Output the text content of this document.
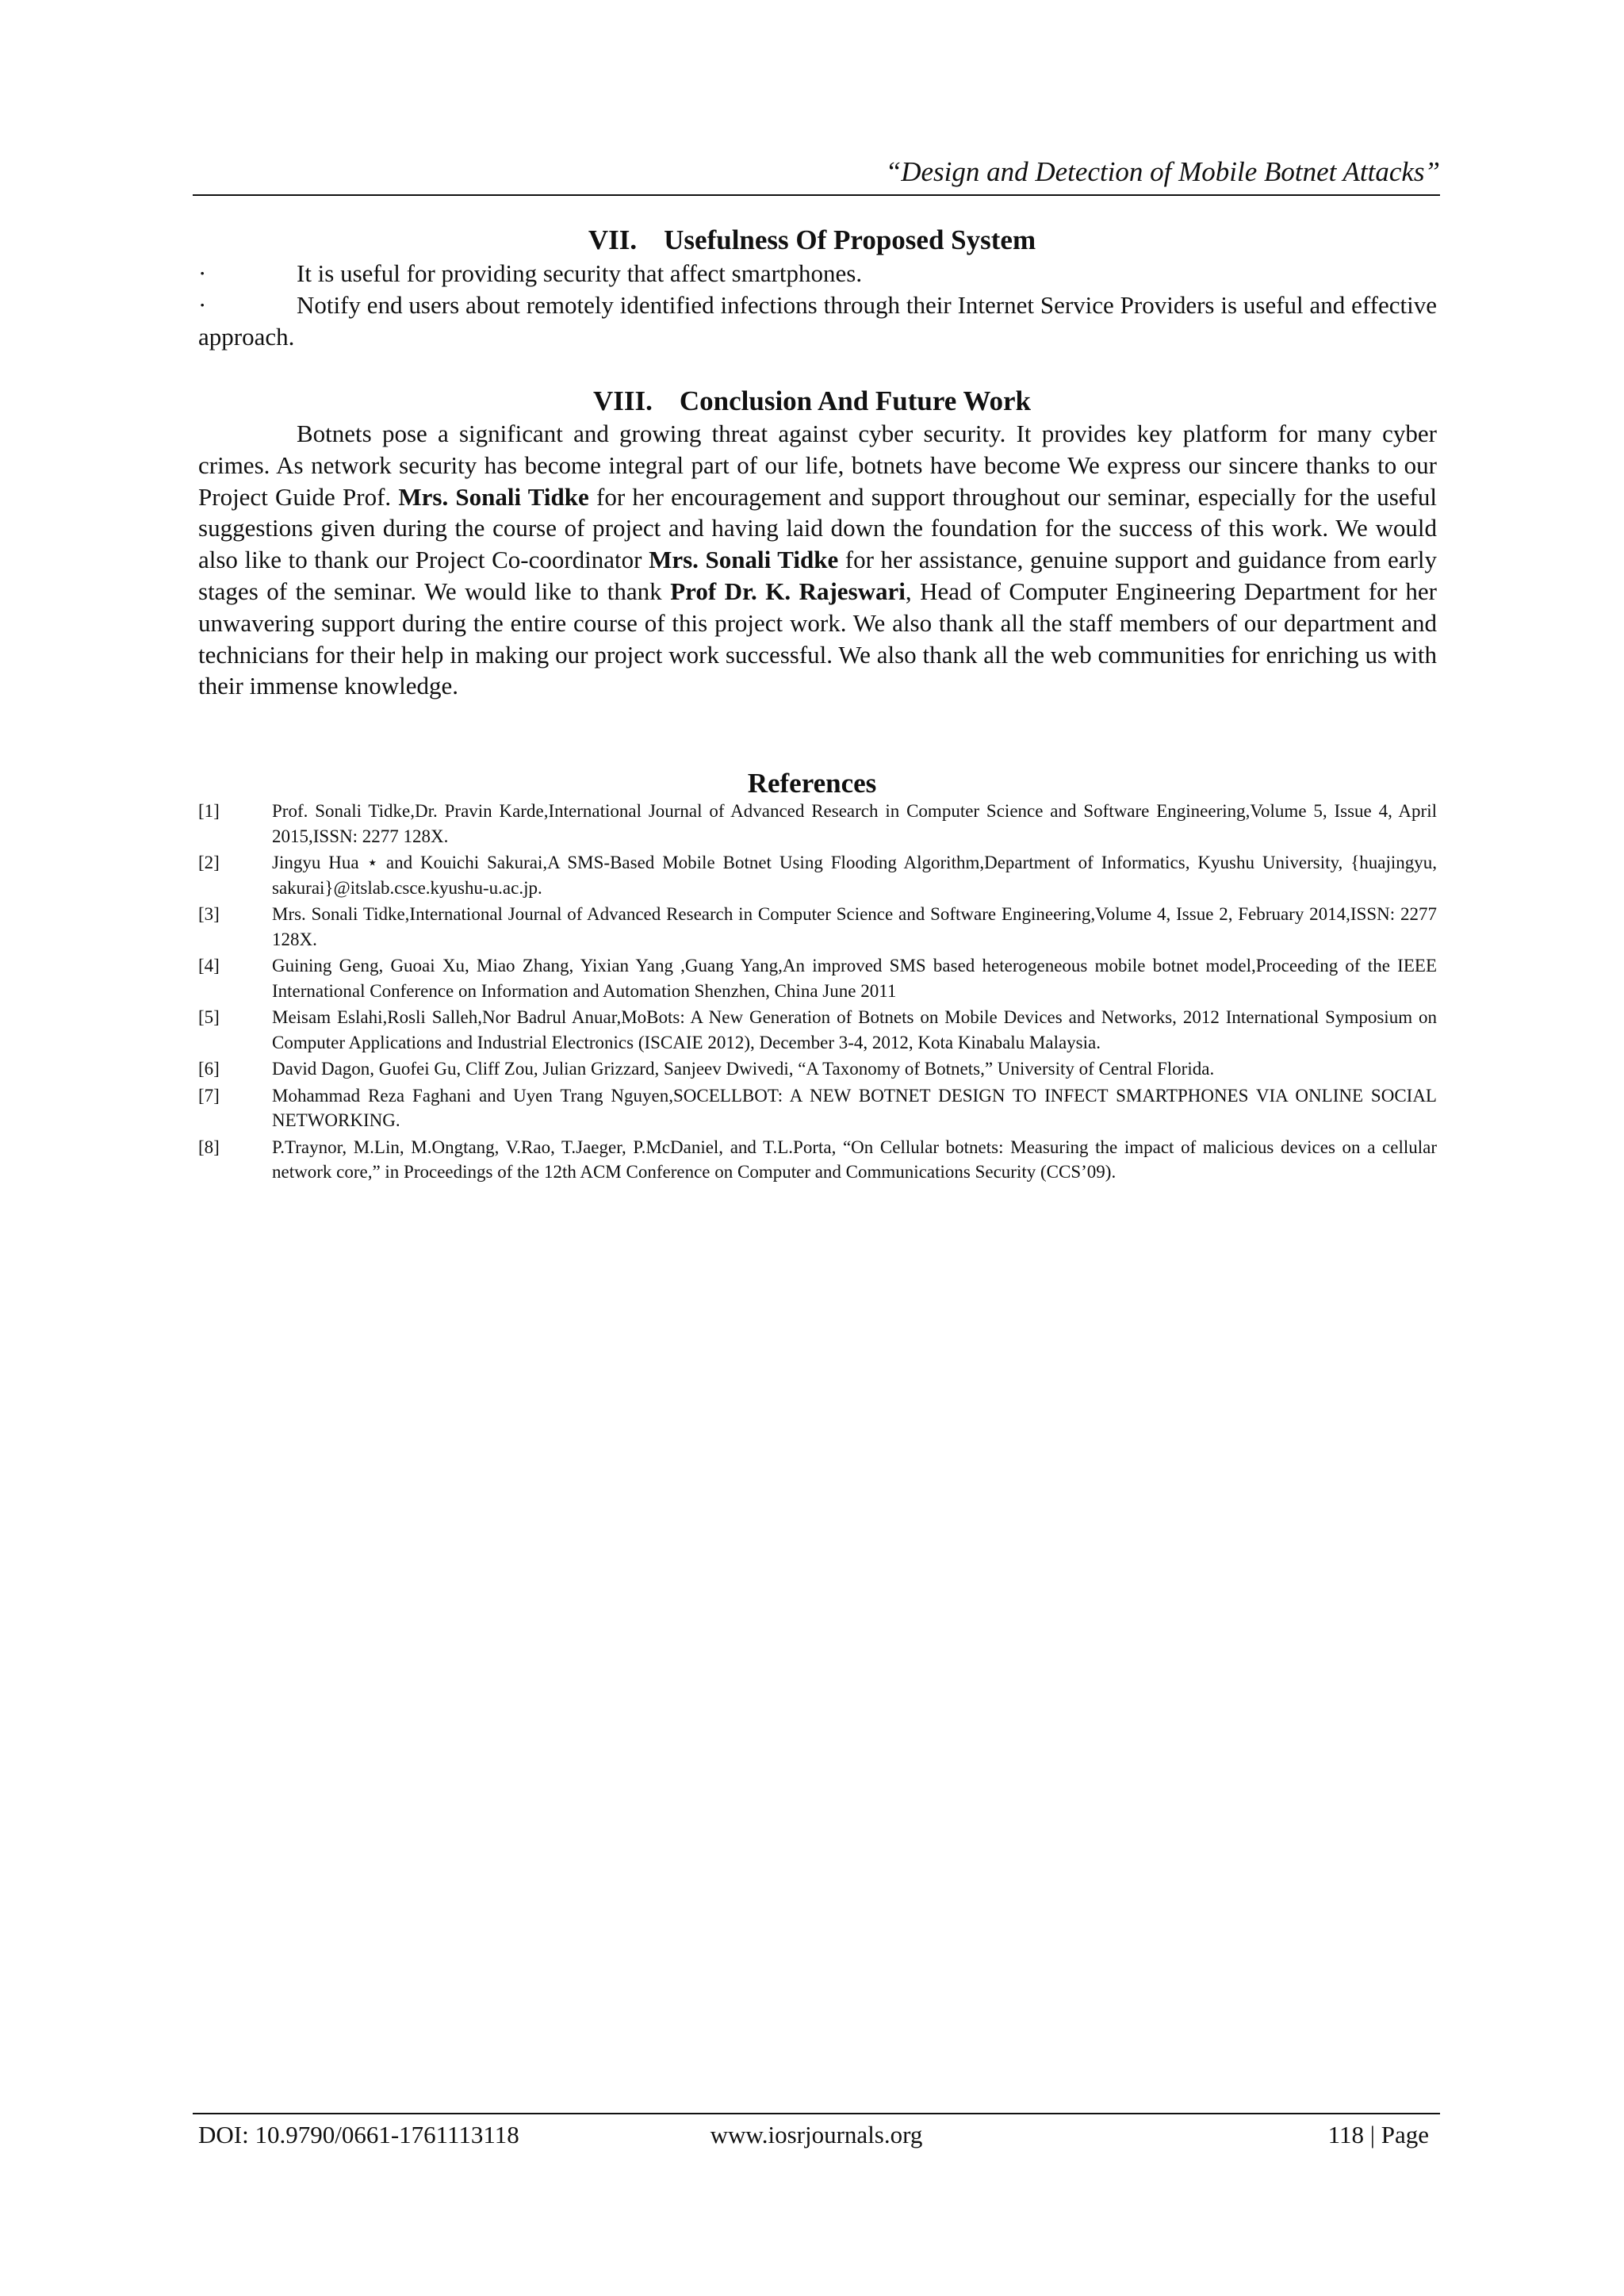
“Design and Detection of Mobile Botnet Attacks”
VII. Usefulness Of Proposed System
·	It is useful for providing security that affect smartphones.
·	Notify end users about remotely identified infections through their Internet Service Providers is useful and effective approach.
VIII. Conclusion And Future Work
Botnets pose a significant and growing threat against cyber security. It provides key platform for many cyber crimes. As network security has become integral part of our life, botnets have become We express our sincere thanks to our Project Guide Prof. Mrs. Sonali Tidke for her encouragement and support throughout our seminar, especially for the useful suggestions given during the course of project and having laid down the foundation for the success of this work. We would also like to thank our Project Co-coordinator Mrs. Sonali Tidke for her assistance, genuine support and guidance from early stages of the seminar. We would like to thank Prof Dr. K. Rajeswari, Head of Computer Engineering Department for her unwavering support during the entire course of this project work. We also thank all the staff members of our department and technicians for their help in making our project work successful. We also thank all the web communities for enriching us with their immense knowledge.
References
[1]	Prof. Sonali Tidke,Dr. Pravin Karde,International Journal of Advanced Research in Computer Science and Software Engineering,Volume 5, Issue 4, April 2015,ISSN: 2277 128X.
[2]	Jingyu Hua ⋆ and Kouichi Sakurai,A SMS-Based Mobile Botnet Using Flooding Algorithm,Department of Informatics, Kyushu University, {huajingyu, sakurai}@itslab.csce.kyushu-u.ac.jp.
[3]	Mrs. Sonali Tidke,International Journal of Advanced Research in Computer Science and Software Engineering,Volume 4, Issue 2, February 2014,ISSN: 2277 128X.
[4]	Guining Geng, Guoai Xu, Miao Zhang, Yixian Yang ,Guang Yang,An improved SMS based heterogeneous mobile botnet model,Proceeding of the IEEE International Conference on Information and Automation Shenzhen, China June 2011
[5]	Meisam Eslahi,Rosli Salleh,Nor Badrul Anuar,MoBots: A New Generation of Botnets on Mobile Devices and Networks, 2012 International Symposium on Computer Applications and Industrial Electronics (ISCAIE 2012), December 3-4, 2012, Kota Kinabalu Malaysia.
[6]	David Dagon, Guofei Gu, Cliff Zou, Julian Grizzard, Sanjeev Dwivedi, “A Taxonomy of Botnets,” University of Central Florida.
[7]	Mohammad Reza Faghani and Uyen Trang Nguyen,SOCELLBOT: A NEW BOTNET DESIGN TO INFECT SMARTPHONES VIA ONLINE SOCIAL NETWORKING.
[8]	P.Traynor, M.Lin, M.Ongtang, V.Rao, T.Jaeger, P.McDaniel, and T.L.Porta, “On Cellular botnets: Measuring the impact of malicious devices on a cellular network core,” in Proceedings of the 12th ACM Conference on Computer and Communications Security (CCS’09).
DOI: 10.9790/0661-1761113118	www.iosrjournals.org	118 | Page
